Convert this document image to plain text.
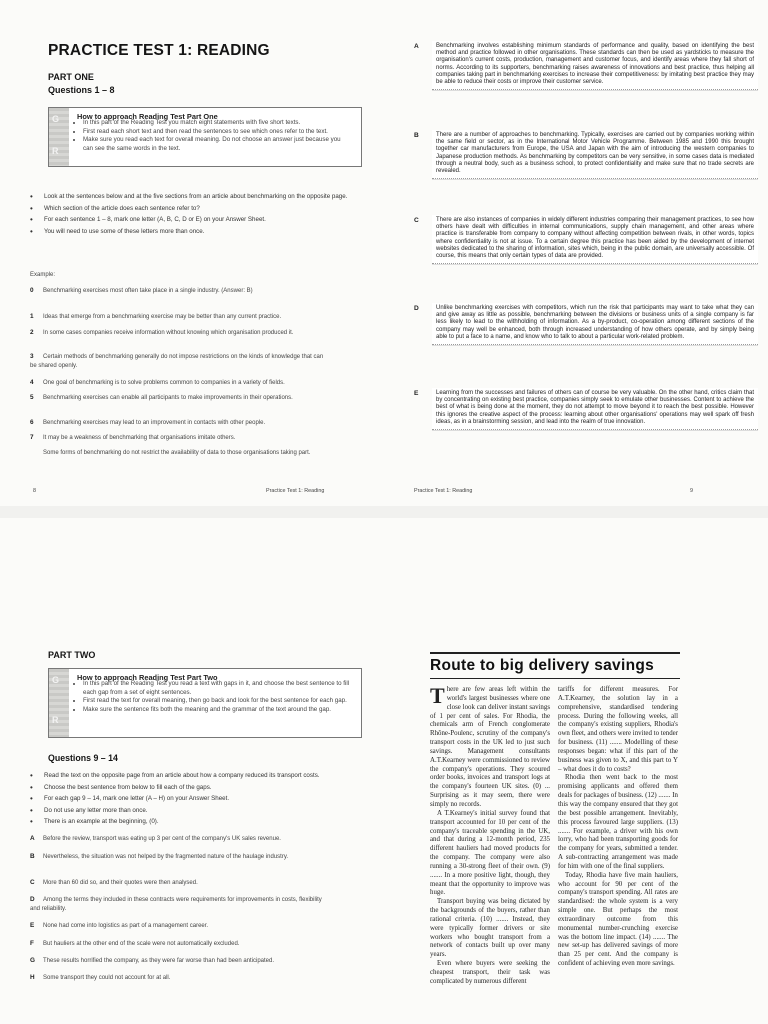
PRACTICE TEST 1: READING
PART ONE
Questions 1 – 8
G
R
How to approach Reading Test Part One
• In this part of the Reading Test you match eight statements with five short texts.
• First read each short text and then read the sentences to see which ones refer to the text.
• Make sure you read each text for overall meaning. Do not choose an answer just because you can see the same words in the text.
• Look at the sentences below and at the five sections from an article about benchmarking on the opposite page.
• Which section of the article does each sentence refer to?
• For each sentence 1 – 8, mark one letter (A, B, C, D or E) on your Answer Sheet.
• You will need to use some of these letters more than once.
Example:
0 Benchmarking exercises most often take place in a single industry. (Answer: B)
1 Ideas that emerge from a benchmarking exercise may be better than any current practice.
2 In some cases companies receive information without knowing which organisation produced it.
3 Certain methods of benchmarking generally do not impose restrictions on the kinds of knowledge that can be shared openly.
4 One goal of benchmarking is to solve problems common to companies in a variety of fields.
5 Benchmarking exercises can enable all participants to make improvements in their operations.
6 Benchmarking exercises may lead to an improvement in contacts with other people.
7 It may be a weakness of benchmarking that organisations imitate others.
Some forms of benchmarking do not restrict the availability of data to those organisations taking part.
8	Practice Test 1: Reading
A	Benchmarking involves establishing minimum standards of performance and quality, based on identifying the best method and practice followed in other organisations. These standards can then be used as yardsticks to measure the organisation's current costs, production, management and customer focus, and identify areas where they fall short of norms. According to its supporters, benchmarking raises awareness of innovations and best practice, thus helping all companies taking part in benchmarking exercises to increase their competitiveness: by imitating best practice they may be able to reduce their costs or improve their customer service.
B	There are a number of approaches to benchmarking. Typically, exercises are carried out by companies working within the same field or sector, as in the International Motor Vehicle Programme. Between 1985 and 1990 this brought together car manufacturers from Europe, the USA and Japan with the aim of introducing the western companies to Japanese production methods. As benchmarking by competitors can be very sensitive, in some cases data is mediated through a neutral body, such as a business school, to protect confidentiality and make sure that no trade secrets are revealed.
C	There are also instances of companies in widely different industries comparing their management practices, to see how others have dealt with difficulties in internal communications, supply chain management, and other areas where practice is transferable from company to company without affecting competition between rivals, in other words, topics where confidentiality is not at issue. To a certain degree this practice has been aided by the development of internet websites dedicated to the sharing of information, sites which, being in the public domain, are universally accessible. Of course, this means that only certain types of data are provided.
D	Unlike benchmarking exercises with competitors, which run the risk that participants may want to take what they can and give away as little as possible, benchmarking between the divisions or business units of a single company is far less likely to lead to the withholding of information. As a by-product, co-operation among different sections of the company may well be enhanced, both through increased understanding of how others operate, and by simply being able to put a face to a name, and know who to talk to about a particular work-related problem.
E	Learning from the successes and failures of others can of course be very valuable. On the other hand, critics claim that by concentrating on existing best practice, companies simply seek to emulate other businesses. Content to achieve the best of what is being done at the moment, they do not attempt to move beyond it to reach the best possible. However this ignores the creative aspect of the process: learning about other organisations' operations may well spark off fresh ideas, as in a brainstorming session, and lead into the realm of true innovation.
Practice Test 1: Reading	9
PART TWO
G
R
How to approach Reading Test Part Two
• In this part of the Reading Test you read a text with gaps in it, and choose the best sentence to fill each gap from a set of eight sentences.
• First read the text for overall meaning, then go back and look for the best sentence for each gap.
• Make sure the sentence fits both the meaning and the grammar of the text around the gap.
Questions 9 – 14
• Read the text on the opposite page from an article about how a company reduced its transport costs.
• Choose the best sentence from below to fill each of the gaps.
• For each gap 9 – 14, mark one letter (A – H) on your Answer Sheet.
• Do not use any letter more than once.
• There is an example at the beginning, (0).
A Before the review, transport was eating up 3 per cent of the company's UK sales revenue.
B Nevertheless, the situation was not helped by the fragmented nature of the haulage industry.
C More than 60 did so, and their quotes were then analysed.
D Among the terms they included in these contracts were requirements for improvements in costs, flexibility and reliability.
E None had come into logistics as part of a management career.
F But hauliers at the other end of the scale were not automatically excluded.
G These results horrified the company, as they were far worse than had been anticipated.
H Some transport they could not account for at all.
Route to big delivery savings

There are few areas left within the world's largest businesses where one close look can deliver instant savings of 1 per cent of sales. For Rhodia, the chemicals arm of French conglomerate Rhône-Poulenc, scrutiny of the company's transport costs in the UK led to just such savings. Management consultants A.T.Kearney were commissioned to review the company's operations. They scoured order books, invoices and transport logs at the company's fourteen UK sites. (0) ... Surprising as it may seem, there were simply no records.

A T.Kearney's initial survey found that transport accounted for 10 per cent of the company's traceable spending in the UK, and that during a 12-month period, 235 different hauliers had moved products for the company. The company were also running a 30-strong fleet of their own. (9) ....... In a more positive light, though, they meant that the opportunity to improve was huge.

Transport buying was being dictated by the backgrounds of the buyers, rather than rational criteria. (10) ....... Instead, they were typically former drivers or site workers who bought transport from a network of contacts built up over many years.

Even where buyers were seeking the cheapest transport, their task was complicated by numerous different

tariffs for different measures. For A.T.Kearney, the solution lay in a comprehensive, standardised tendering process. During the following weeks, all the company's existing suppliers, Rhodia's own fleet, and others were invited to tender for business. (11) ....... Modelling of these responses began: what if this part of the business was given to X, and this part to Y – what does it do to costs?

Rhodia then went back to the most promising applicants and offered them deals for packages of business. (12) ....... In this way the company ensured that they got the best possible arrangement. Inevitably, this process favoured large suppliers. (13) ....... For example, a driver with his own lorry, who had been transporting goods for the company for years, submitted a tender. A sub-contracting arrangement was made for him with one of the final suppliers.

Today, Rhodia have five main hauliers, who account for 90 per cent of the company's transport spending. All rates are standardised: the whole system is a very simple one. But perhaps the most extraordinary outcome from this monumental number-crunching exercise was the bottom line impact. (14) ....... The new set-up has delivered savings of more than 25 per cent. And the company is confident of achieving even more savings.
